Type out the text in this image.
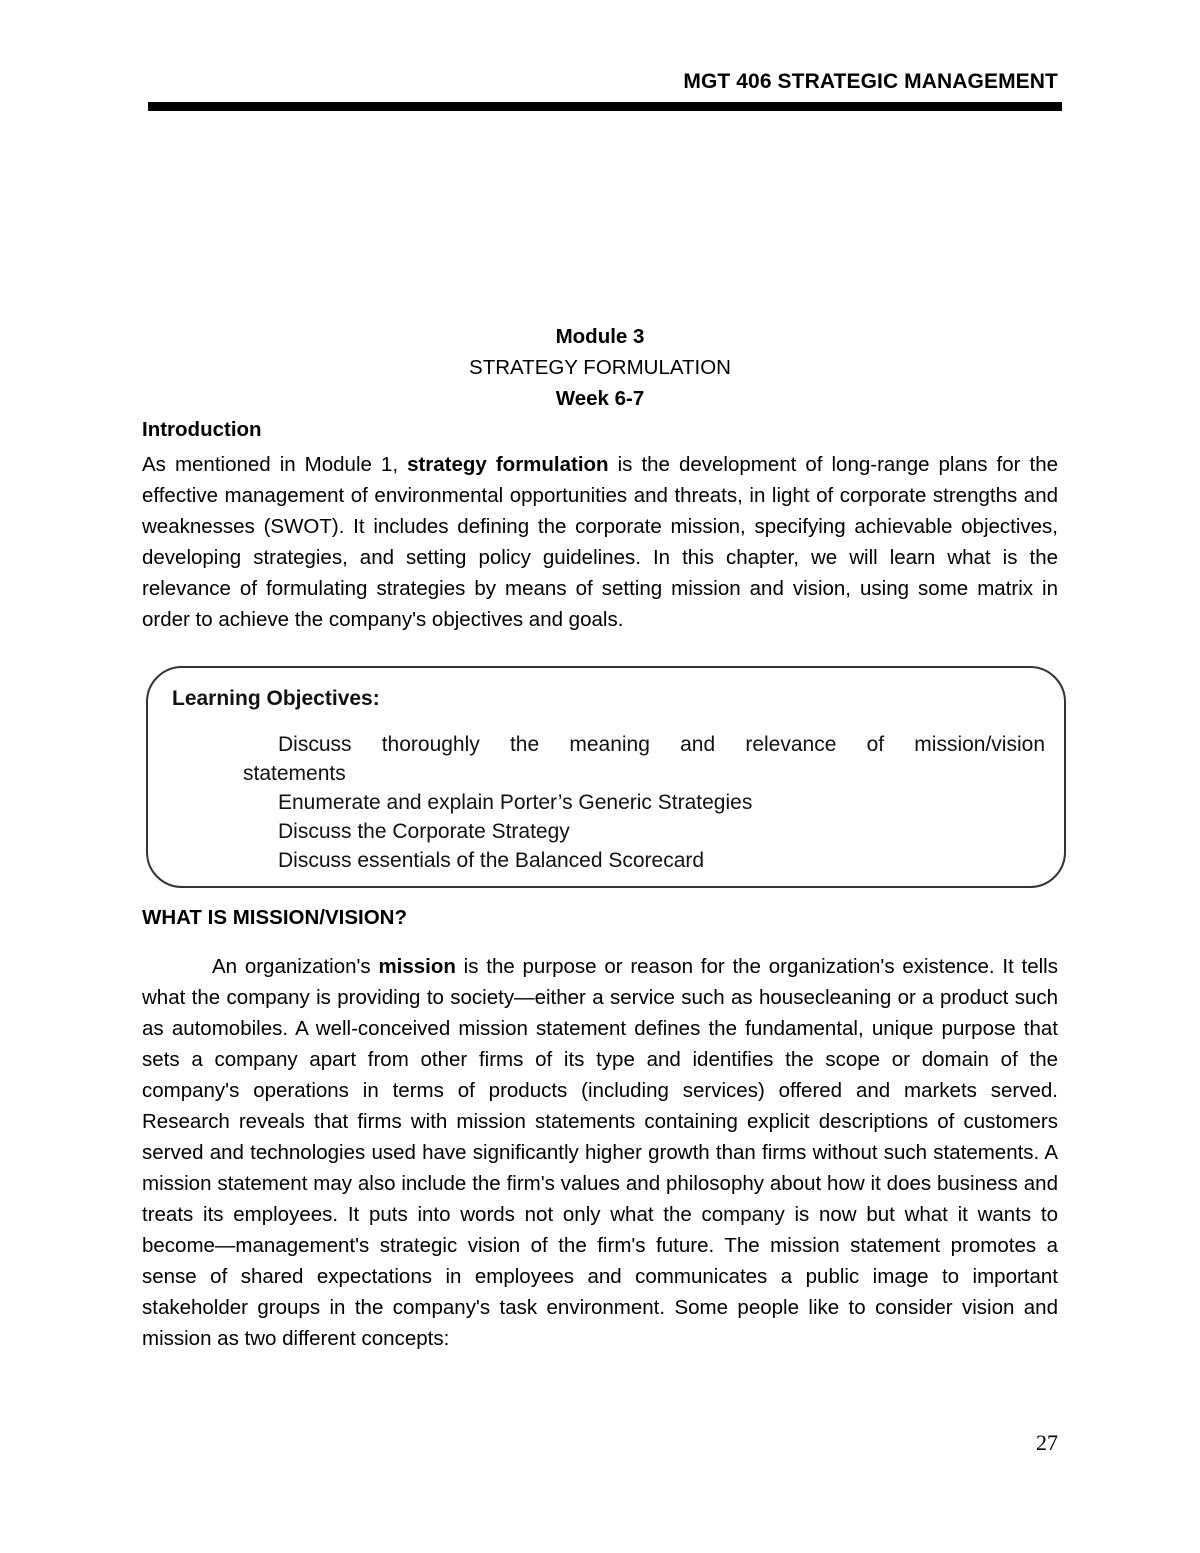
MGT 406 STRATEGIC MANAGEMENT
Module 3
STRATEGY FORMULATION
Week 6-7
Introduction

As mentioned in Module 1, strategy formulation is the development of long-range plans for the effective management of environmental opportunities and threats, in light of corporate strengths and weaknesses (SWOT). It includes defining the corporate mission, specifying achievable objectives, developing strategies, and setting policy guidelines. In this chapter, we will learn what is the relevance of formulating strategies by means of setting mission and vision, using some matrix in order to achieve the company's objectives and goals.

Learning Objectives:
Discuss thoroughly the meaning and relevance of mission/vision
statements
Enumerate and explain Porter’s Generic Strategies
Discuss the Corporate Strategy
Discuss essentials of the Balanced Scorecard
WHAT IS MISSION/VISION?

An organization's mission is the purpose or reason for the organization's existence. It tells what the company is providing to society—either a service such as housecleaning or a product such as automobiles. A well-conceived mission statement defines the fundamental, unique purpose that sets a company apart from other firms of its type and identifies the scope or domain of the company's operations in terms of products (including services) offered and markets served. Research reveals that firms with mission statements containing explicit descriptions of customers served and technologies used have significantly higher growth than firms without such statements. A mission statement may also include the firm's values and philosophy about how it does business and treats its employees. It puts into words not only what the company is now but what it wants to become—management's strategic vision of the firm's future. The mission statement promotes a sense of shared expectations in employees and communicates a public image to important stakeholder groups in the company's task environment. Some people like to consider vision and mission as two different concepts:

27
